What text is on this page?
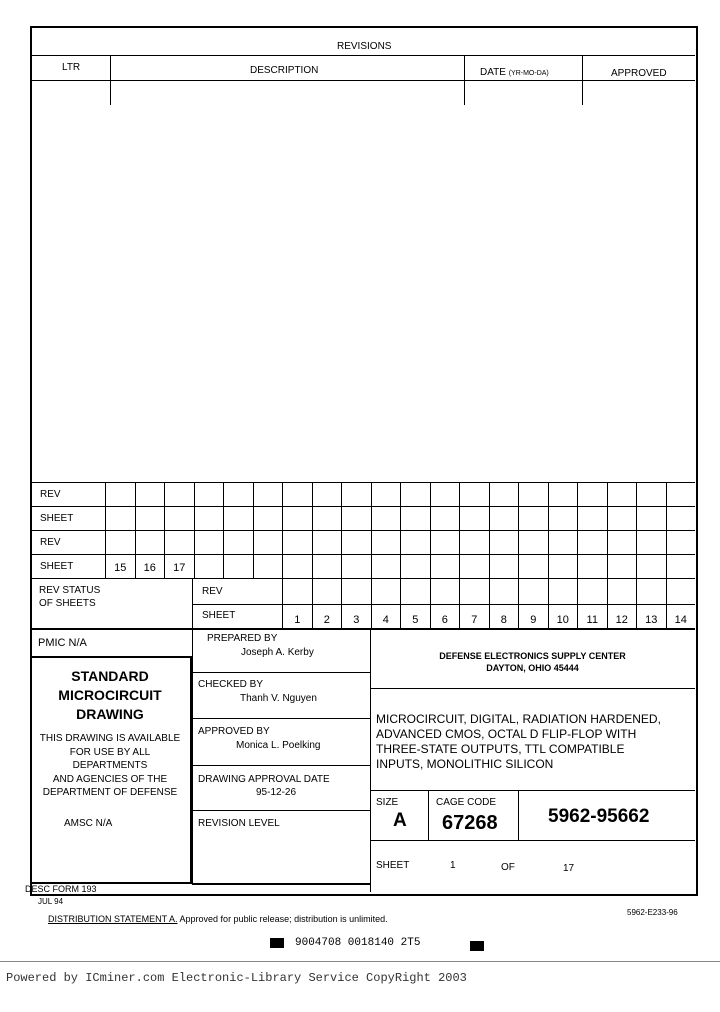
REVISIONS
LTR	DESCRIPTION	DATE (YR-MO-DA)	APPROVED
REV
SHEET
REV
SHEET	15	16	17
REV STATUS
OF SHEETS
REV
SHEET	1	2	3	4	5	6	7	8	9	10	11	12	13	14
PMIC N/A
STANDARD
MICROCIRCUIT
DRAWING
THIS DRAWING IS AVAILABLE
FOR USE BY ALL
DEPARTMENTS
AND AGENCIES OF THE
DEPARTMENT OF DEFENSE
AMSC N/A
PREPARED BY
Joseph A. Kerby
CHECKED BY
Thanh V. Nguyen
APPROVED BY
Monica L. Poelking
DRAWING APPROVAL DATE
95-12-26
REVISION LEVEL
DEFENSE ELECTRONICS SUPPLY CENTER
DAYTON, OHIO 45444
MICROCIRCUIT, DIGITAL, RADIATION HARDENED,
ADVANCED CMOS, OCTAL D FLIP-FLOP WITH
THREE-STATE OUTPUTS, TTL COMPATIBLE
INPUTS, MONOLITHIC SILICON
SIZE
A
CAGE CODE
67268	5962-95662
SHEET	1	OF	17
DESC FORM 193
JUL 94
DISTRIBUTION STATEMENT A. Approved for public release; distribution is unlimited.
5962-E233-96
9004708 0018140 2T5
Powered by ICminer.com Electronic-Library Service CopyRight 2003
